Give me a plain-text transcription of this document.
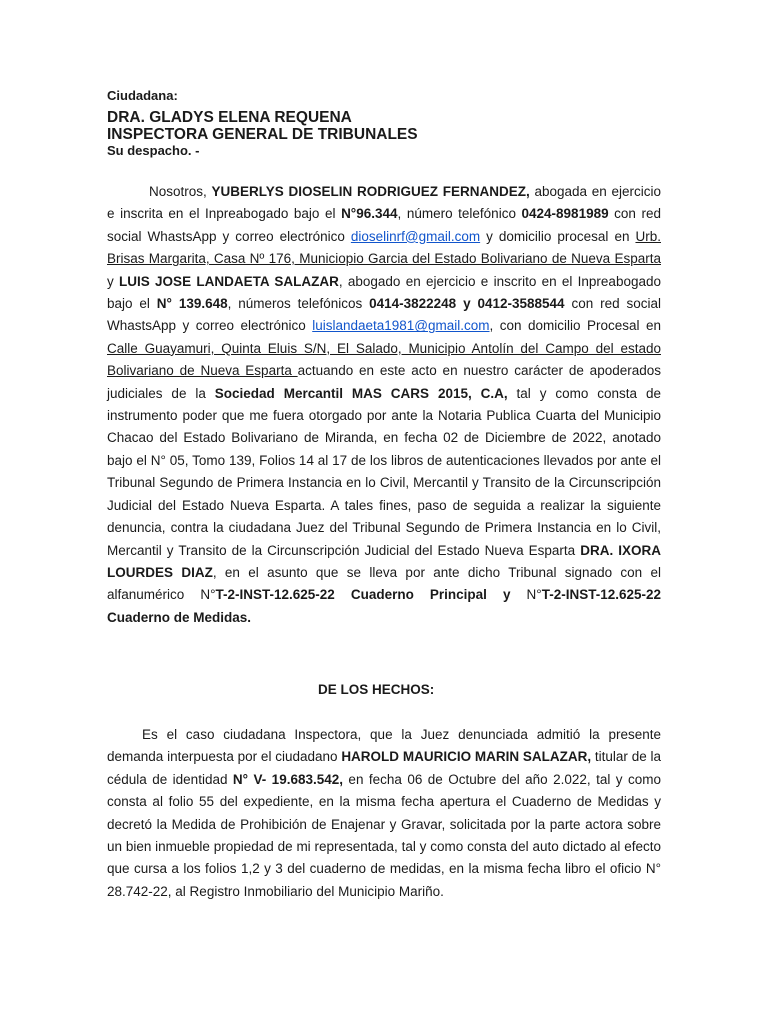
Ciudadana:

DRA. GLADYS ELENA REQUENA

INSPECTORA GENERAL DE TRIBUNALES

Su despacho. -

Nosotros, YUBERLYS DIOSELIN RODRIGUEZ FERNANDEZ, abogada en ejercicio e inscrita en el Inpreabogado bajo el N°96.344, número telefónico 0424-8981989 con red social WhastsApp y correo electrónico dioselinrf@gmail.com y domicilio procesal en Urb. Brisas Margarita, Casa Nº 176, Municiopio Garcia del Estado Bolivariano de Nueva Esparta y LUIS JOSE LANDAETA SALAZAR, abogado en ejercicio e inscrito en el Inpreabogado bajo el N° 139.648, números telefónicos 0414-3822248 y 0412-3588544 con red social WhastsApp y correo electrónico luislandaeta1981@gmail.com, con domicilio Procesal en Calle Guayamuri, Quinta Eluis S/N, El Salado, Municipio Antolín del Campo del estado Bolivariano de Nueva Esparta actuando en este acto en nuestro carácter de apoderados judiciales de la Sociedad Mercantil MAS CARS 2015, C.A, tal y como consta de instrumento poder que me fuera otorgado por ante la Notaria Publica Cuarta del Municipio Chacao del Estado Bolivariano de Miranda, en fecha 02 de Diciembre de 2022, anotado bajo el N° 05, Tomo 139, Folios 14 al 17 de los libros de autenticaciones llevados por ante el Tribunal Segundo de Primera Instancia en lo Civil, Mercantil y Transito de la Circunscripción Judicial del Estado Nueva Esparta. A tales fines, paso de seguida a realizar la siguiente denuncia, contra la ciudadana Juez del Tribunal Segundo de Primera Instancia en lo Civil, Mercantil y Transito de la Circunscripción Judicial del Estado Nueva Esparta DRA. IXORA LOURDES DIAZ, en el asunto que se lleva por ante dicho Tribunal signado con el alfanumérico N°T-2-INST-12.625-22 Cuaderno Principal y N°T-2-INST-12.625-22 Cuaderno de Medidas.

DE LOS HECHOS:

Es el caso ciudadana Inspectora, que la Juez denunciada admitió la presente demanda interpuesta por el ciudadano HAROLD MAURICIO MARIN SALAZAR, titular de la cédula de identidad N° V- 19.683.542, en fecha 06 de Octubre del año 2.022, tal y como consta al folio 55 del expediente, en la misma fecha apertura el Cuaderno de Medidas y decretó la Medida de Prohibición de Enajenar y Gravar, solicitada por la parte actora sobre un bien inmueble propiedad de mi representada, tal y como consta del auto dictado al efecto que cursa a los folios 1,2 y 3 del cuaderno de medidas, en la misma fecha libro el oficio N° 28.742-22, al Registro Inmobiliario del Municipio Mariño.
